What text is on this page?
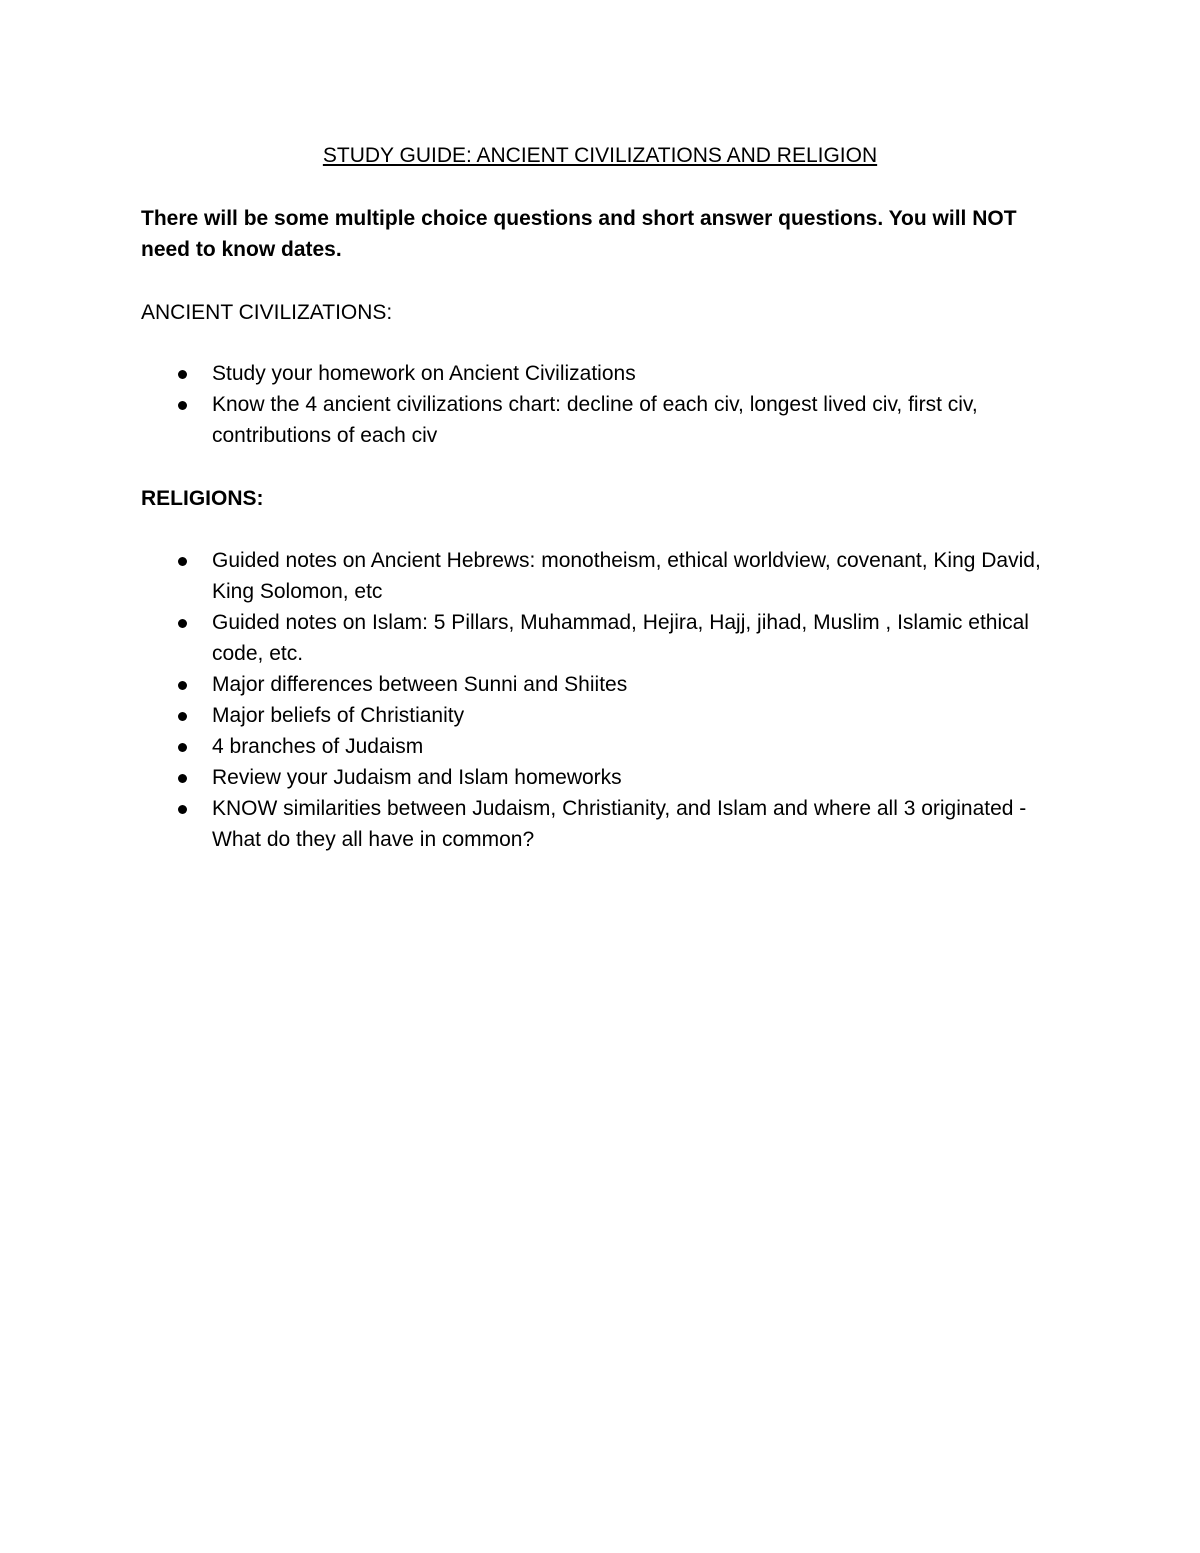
STUDY GUIDE: ANCIENT CIVILIZATIONS AND RELIGION

There will be some multiple choice questions and short answer questions. You will NOT need to know dates.

ANCIENT CIVILIZATIONS:
Study your homework on Ancient Civilizations
Know the 4 ancient civilizations chart: decline of each civ, longest lived civ, first civ, contributions of each civ
RELIGIONS:
Guided notes on Ancient Hebrews: monotheism, ethical worldview, covenant, King David, King Solomon, etc
Guided notes on Islam: 5 Pillars, Muhammad, Hejira, Hajj, jihad, Muslim , Islamic ethical code, etc.
Major differences between Sunni and Shiites
Major beliefs of Christianity
4 branches of Judaism
Review your Judaism and Islam homeworks
KNOW similarities between Judaism, Christianity, and Islam and where all 3 originated - What do they all have in common?
